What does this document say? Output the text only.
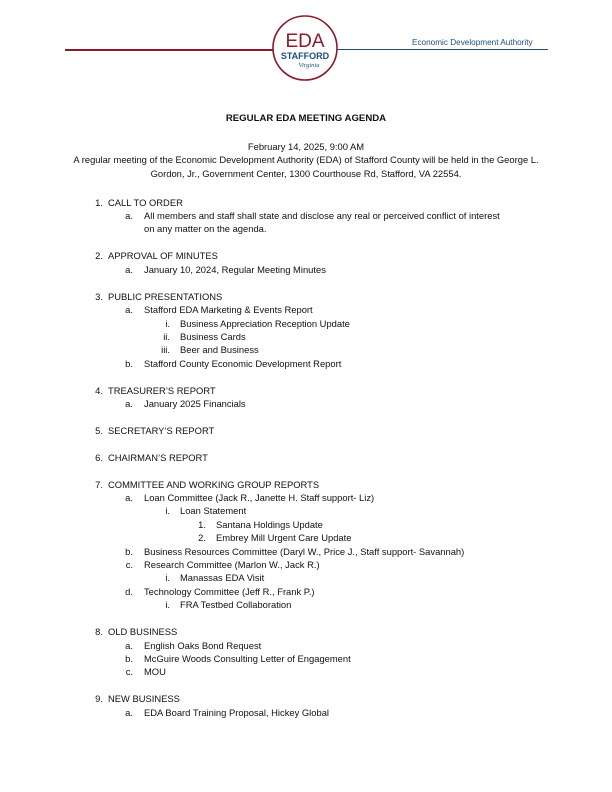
EDA
STAFFORD
Virginia
Economic Development Authority
REGULAR EDA MEETING AGENDA
February 14, 2025, 9:00 AM
A regular meeting of the Economic Development Authority (EDA) of Stafford County will be held in the George L. Gordon, Jr., Government Center, 1300 Courthouse Rd, Stafford, VA 22554.
1. CALL TO ORDER
a. All members and staff shall state and disclose any real or perceived conflict of interest
on any matter on the agenda.
2. APPROVAL OF MINUTES
a. January 10, 2024, Regular Meeting Minutes
3. PUBLIC PRESENTATIONS
a. Stafford EDA Marketing & Events Report
i. Business Appreciation Reception Update
ii. Business Cards
iii. Beer and Business
b. Stafford County Economic Development Report
4. TREASURER’S REPORT
a. January 2025 Financials
5. SECRETARY’S REPORT
6. CHAIRMAN’S REPORT
7. COMMITTEE AND WORKING GROUP REPORTS
a. Loan Committee (Jack R., Janette H. Staff support- Liz)
i. Loan Statement
1. Santana Holdings Update
2. Embrey Mill Urgent Care Update
b. Business Resources Committee (Daryl W., Price J., Staff support- Savannah)
c. Research Committee (Marlon W., Jack R.)
i. Manassas EDA Visit
d. Technology Committee (Jeff R., Frank P.)
i. FRA Testbed Collaboration
8. OLD BUSINESS
a. English Oaks Bond Request
b. McGuire Woods Consulting Letter of Engagement
c. MOU
9. NEW BUSINESS
a. EDA Board Training Proposal, Hickey Global
